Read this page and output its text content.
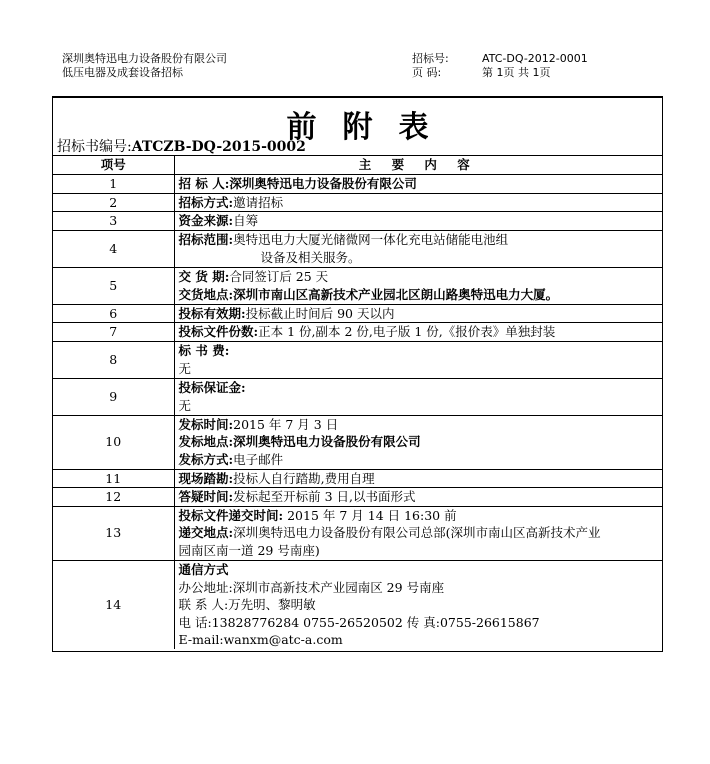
深圳奥特迅电力设备股份有限公司
低压电器及成套设备招标
招标号:	ATC-DQ-2012-0001
页 码:	第 1页 共 1页
前附表
招标书编号:ATCZB-DQ-2015-0002
项号	主 要 内 容
1	招 标 人:深圳奥特迅电力设备股份有限公司
2	招标方式:邀请招标
3	资金来源:自筹
4	招标范围:奥特迅电力大厦光储微网一体化充电站储能电池组
设备及相关服务。

5	交 货 期:合同签订后 25 天
交货地点:深圳市南山区高新技术产业园北区朗山路奥特迅电力大厦。

6	投标有效期:投标截止时间后 90 天以内
7	投标文件份数:正本 1 份,副本 2 份,电子版 1 份,《报价表》单独封装
8	标 书 费:
无

9	投标保证金:
无

10	发标时间:2015 年 7 月 3 日
发标地点:深圳奥特迅电力设备股份有限公司
发标方式:电子邮件

11	现场踏勘:投标人自行踏勘,费用自理
12	答疑时间:发标起至开标前 3 日,以书面形式
13	投标文件递交时间: 2015 年 7 月 14 日 16:30 前
递交地点:深圳奥特迅电力设备股份有限公司总部(深圳市南山区高新技术产业
园南区南一道 29 号南座)

14	通信方式
办公地址:深圳市高新技术产业园南区 29 号南座
联 系 人:万先明、黎明敏
电 话:13828776284 0755-26520502 传 真:0755-26615867
E-mail:wanxm@atc-a.com
